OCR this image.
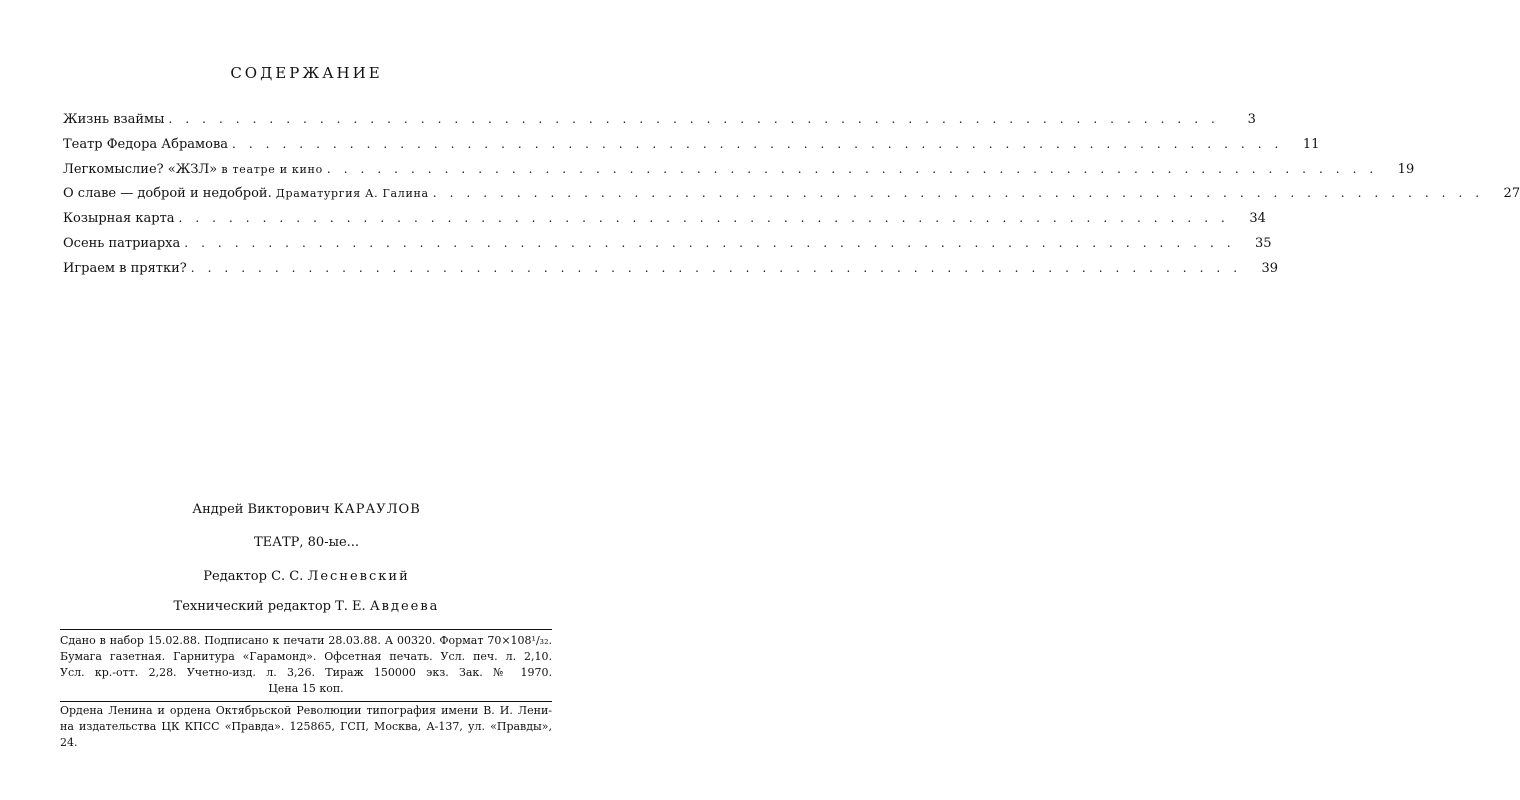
СОДЕРЖАНИЕ
Жизнь взаймы ...............................................................	3
Театр Федора Абрамова ............................................................... 11
Легкомыслие? «ЖЗЛ» в театре и кино ............................................................... 19
О славе — доброй и недоброй. Драматургия А. Галина ............................................................... 27
Козырная карта ............................................................... 34
Осень патриарха ............................................................... 35
Играем в прятки? ............................................................... 39
Андрей Викторович КАРАУЛОВ
ТЕАТР, 80-ые...
Редактор С. С. Лесневский
Технический редактор Т. Е. Авдеева
Сдано в набор 15.02.88. Подписано к печати 28.03.88. А 00320. Формат 70×108¹/₃₂.
Бумага газетная. Гарнитура «Гарамонд». Офсетная печать. Усл. печ. л. 2,10.
Усл. кр.-отт. 2,28. Учетно-изд. л. 3,26. Тираж 150000 экз. Зак. № 1970.
Цена 15 коп.
Ордена Ленина и ордена Октябрьской Революции типография имени В. И. Лени-
на издательства ЦК КПСС «Правда». 125865, ГСП, Москва, А-137, ул. «Правды», 24.
